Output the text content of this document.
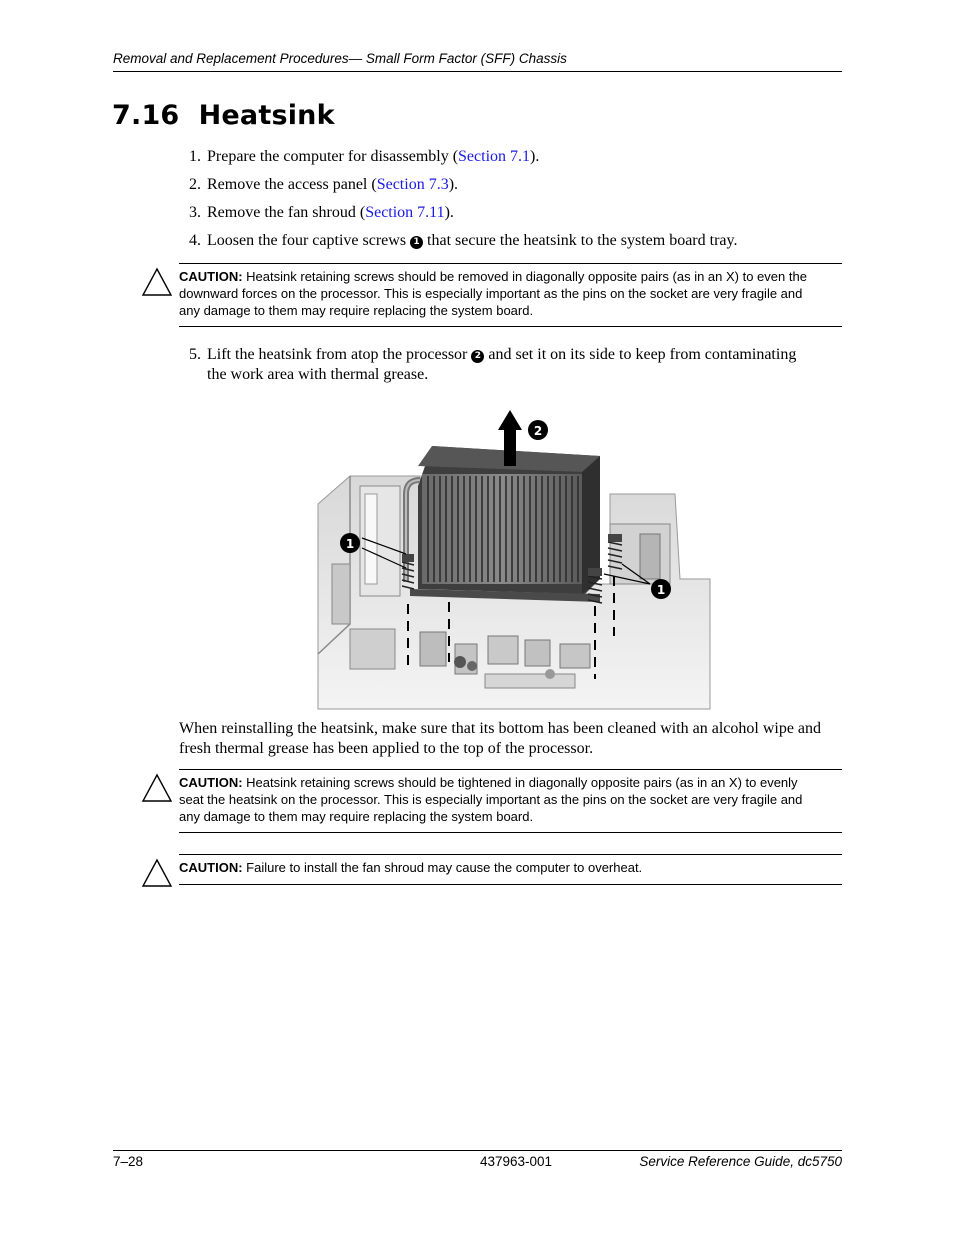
Removal and Replacement Procedures— Small Form Factor (SFF) Chassis
7.16 Heatsink
1. Prepare the computer for disassembly (Section 7.1).
2. Remove the access panel (Section 7.3).
3. Remove the fan shroud (Section 7.11).
4. Loosen the four captive screws 1 that secure the heatsink to the system board tray.
CAUTION: Heatsink retaining screws should be removed in diagonally opposite pairs (as in an X) to even the downward forces on the processor. This is especially important as the pins on the socket are very fragile and any damage to them may require replacing the system board.
5. Lift the heatsink from atop the processor 2 and set it on its side to keep from contaminating
the work area with thermal grease.
1
1
2
When reinstalling the heatsink, make sure that its bottom has been cleaned with an alcohol wipe and fresh thermal grease has been applied to the top of the processor.
CAUTION: Heatsink retaining screws should be tightened in diagonally opposite pairs (as in an X) to evenly seat the heatsink on the processor. This is especially important as the pins on the socket are very fragile and any damage to them may require replacing the system board.
CAUTION: Failure to install the fan shroud may cause the computer to overheat.
7–28	437963-001	Service Reference Guide, dc5750
